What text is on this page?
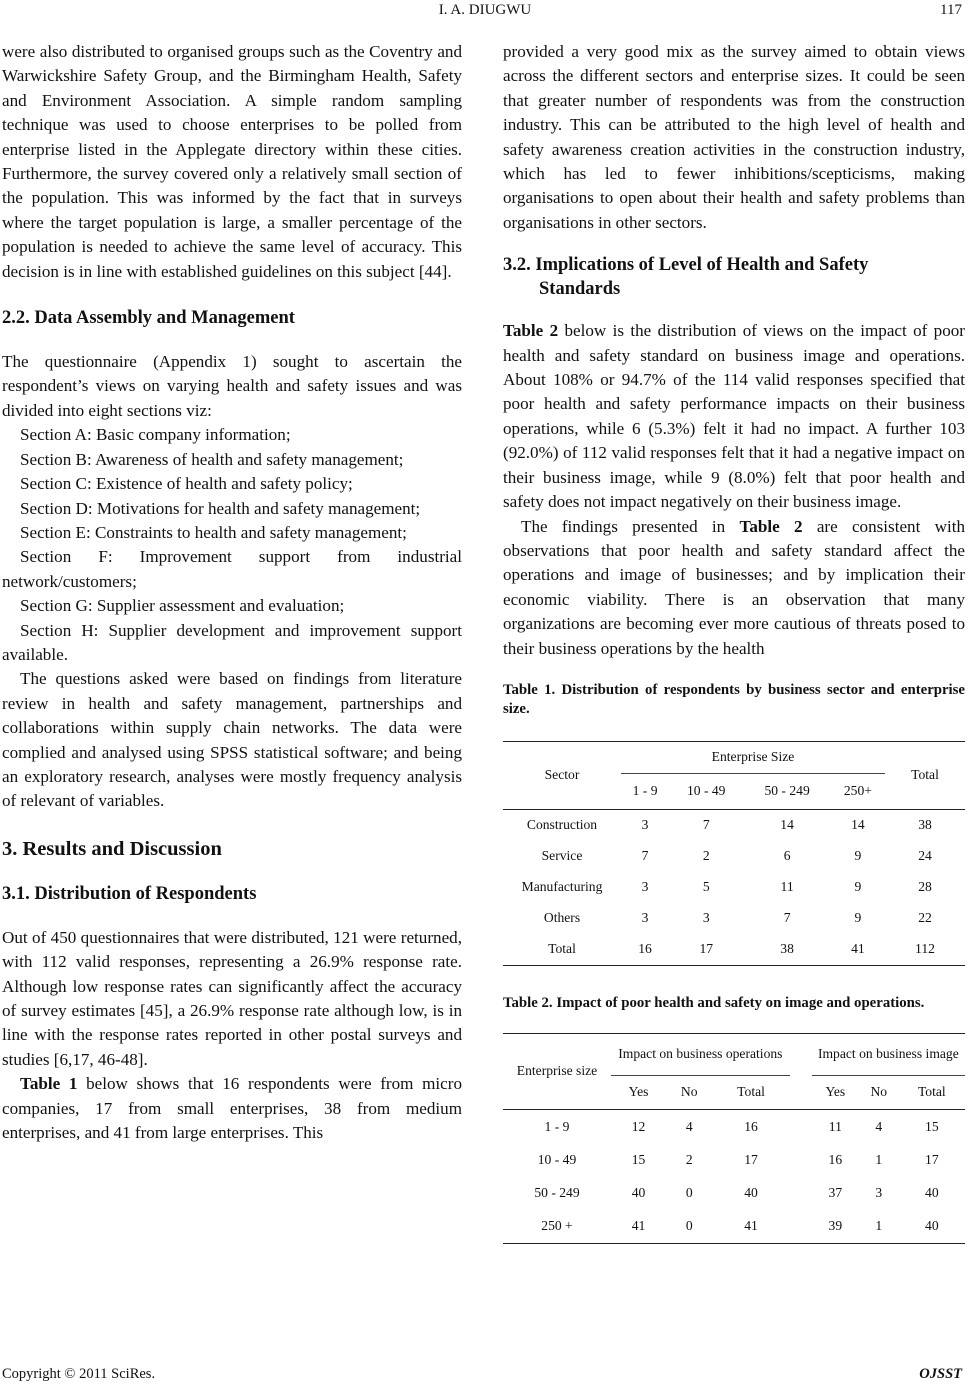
I. A. DIUGWU	117

were also distributed to organised groups such as the Coventry and Warwickshire Safety Group, and the Birmingham Health, Safety and Environment Association. A simple random sampling technique was used to choose enterprises to be polled from enterprise listed in the Applegate directory within these cities. Furthermore, the survey covered only a relatively small section of the population. This was informed by the fact that in surveys where the target population is large, a smaller percentage of the population is needed to achieve the same level of accuracy. This decision is in line with established guidelines on this subject [44].

2.2. Data Assembly and Management

The questionnaire (Appendix 1) sought to ascertain the respondent’s views on varying health and safety issues and was divided into eight sections viz:

Section A: Basic company information;

Section B: Awareness of health and safety management;

Section C: Existence of health and safety policy;

Section D: Motivations for health and safety management;

Section E: Constraints to health and safety management;

Section F: Improvement support from industrial network/customers;

Section G: Supplier assessment and evaluation;

Section H: Supplier development and improvement support available.

The questions asked were based on findings from literature review in health and safety management, partnerships and collaborations within supply chain networks. The data were complied and analysed using SPSS statistical software; and being an exploratory research, analyses were mostly frequency analysis of relevant of variables.

3. Results and Discussion
3.1. Distribution of Respondents

Out of 450 questionnaires that were distributed, 121 were returned, with 112 valid responses, representing a 26.9% response rate. Although low response rates can significantly affect the accuracy of survey estimates [45], a 26.9% response rate although low, is in line with the response rates reported in other postal surveys and studies [6,17, 46-48].

Table 1 below shows that 16 respondents were from micro companies, 17 from small enterprises, 38 from medium enterprises, and 41 from large enterprises. This

provided a very good mix as the survey aimed to obtain views across the different sectors and enterprise sizes. It could be seen that greater number of respondents was from the construction industry. This can be attributed to the high level of health and safety awareness creation activities in the construction industry, which has led to fewer inhibitions/scepticisms, making organisations to open about their health and safety problems than organisations in other sectors.

3.2. Implications of Level of Health and Safety
Standards

Table 2 below is the distribution of views on the impact of poor health and safety standard on business image and operations. About 108% or 94.7% of the 114 valid responses specified that poor health and safety performance impacts on their business operations, while 6 (5.3%) felt it had no impact. A further 103 (92.0%) of 112 valid responses felt that it had a negative impact on their business image, while 9 (8.0%) felt that poor health and safety does not impact negatively on their business image.

The findings presented in Table 2 are consistent with observations that poor health and safety standard affect the operations and image of businesses; and by implication their economic viability. There is an observation that many organizations are becoming ever more cautious of threats posed to their business operations by the health

Table 1. Distribution of respondents by business sector and enterprise size.

Sector	Enterprise Size				Total
	1 - 9	10 - 49	50 - 249	250+	
Construction	3	7	14	14	38
Service	7	2	6	9	24
Manufacturing	3	5	11	9	28
Others	3	3	7	9	22
Total	16	17	38	41	112

Table 2. Impact of poor health and safety on image and operations.

Enterprise size	Impact on business operations				Impact on business image		
	Yes	No	Total		Yes	No	Total
1 - 9	12	4	16		11	4	15
10 - 49	15	2	17		16	1	17
50 - 249	40	0	40		37	3	40
250 +	41	0	41		39	1	40
Copyright © 2011 SciRes.	OJSST
